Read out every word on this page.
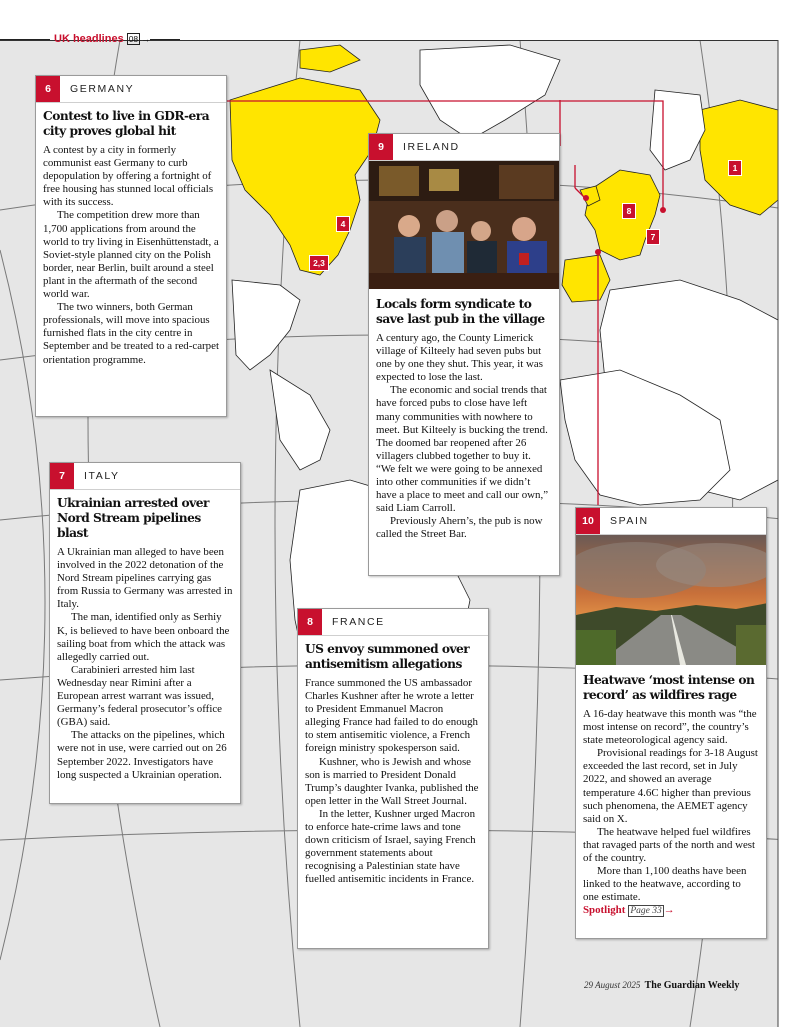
UK headlines 08 →
1
4
2,3
8
7
6	GERMANY
Contest to live in GDR-era city proves global hit

A contest by a city in formerly communist east Germany to curb depopulation by offering a fortnight of free housing has stunned local officials with its success.

The competition drew more than 1,700 applications from around the world to try living in Eisenhüttenstadt, a Soviet-style planned city on the Polish border, near Berlin, built around a steel plant in the aftermath of the second world war.

The two winners, both German professionals, will move into spacious furnished flats in the city centre in September and be treated to a red-carpet orientation programme.

9	IRELAND
Locals form syndicate to save last pub in the village

A century ago, the County Limerick village of Kilteely had seven pubs but one by one they shut. This year, it was expected to lose the last.

The economic and social trends that have forced pubs to close have left many communities with nowhere to meet. But Kilteely is bucking the trend. The doomed bar reopened after 26 villagers clubbed together to buy it. “We felt we were going to be annexed into other communities if we didn’t have a place to meet and call our own,” said Liam Carroll.

Previously Ahern’s, the pub is now called the Street Bar.

7	ITALY
Ukrainian arrested over Nord Stream pipelines blast

A Ukrainian man alleged to have been involved in the 2022 detonation of the Nord Stream pipelines carrying gas from Russia to Germany was arrested in Italy.

The man, identified only as Serhiy K, is believed to have been onboard the sailing boat from which the attack was allegedly carried out.

Carabinieri arrested him last Wednesday near Rimini after a European arrest warrant was issued, Germany’s federal prosecutor’s office (GBA) said.

The attacks on the pipelines, which were not in use, were carried out on 26 September 2022. Investigators have long suspected a Ukrainian operation.

8	FRANCE
US envoy summoned over antisemitism allegations

France summoned the US ambassador Charles Kushner after he wrote a letter to President Emmanuel Macron alleging France had failed to do enough to stem antisemitic violence, a French foreign ministry spokesperson said.

Kushner, who is Jewish and whose son is married to President Donald Trump’s daughter Ivanka, published the open letter in the Wall Street Journal.

In the letter, Kushner urged Macron to enforce hate-crime laws and tone down criticism of Israel, saying French government statements about recognising a Palestinian state have fuelled antisemitic incidents in France.

10	SPAIN
Heatwave ‘most intense on record’ as wildfires rage

A 16-day heatwave this month was “the most intense on record”, the country’s state meteorological agency said.

Provisional readings for 3-18 August exceeded the last record, set in July 2022, and showed an average temperature 4.6C higher than previous such phenomena, the AEMET agency said on X.

The heatwave helped fuel wildfires that ravaged parts of the north and west of the country.

More than 1,100 deaths have been linked to the heatwave, according to one estimate.

Spotlight Page 33 →

29 August 2025 The Guardian Weekly
